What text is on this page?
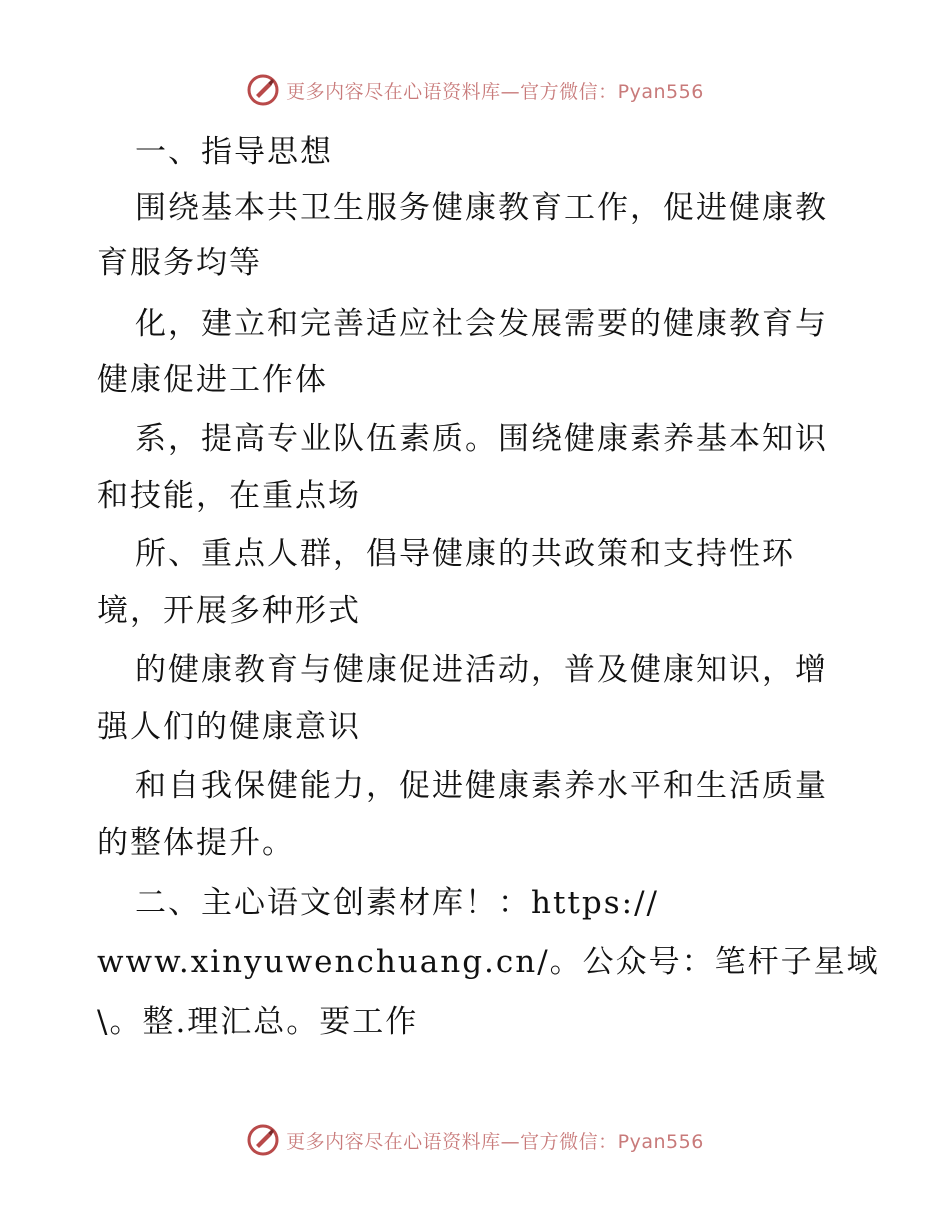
更多内容尽在心语资料库—官方微信：Pyan556
一、指导思想
围绕基本共卫生服务健康教育工作，促进健康教
育服务均等
化，建立和完善适应社会发展需要的健康教育与
健康促进工作体
系，提高专业队伍素质。围绕健康素养基本知识
和技能，在重点场
所、重点人群，倡导健康的共政策和支持性环
境，开展多种形式
的健康教育与健康促进活动，普及健康知识，增
强人们的健康意识
和自我保健能力，促进健康素养水平和生活质量
的整体提升。
二、主心语文创素材库！：https://
www.xinyuwenchuang.cn/。公众号：笔杆子星域
\。整.理汇总。要工作
更多内容尽在心语资料库—官方微信：Pyan556
